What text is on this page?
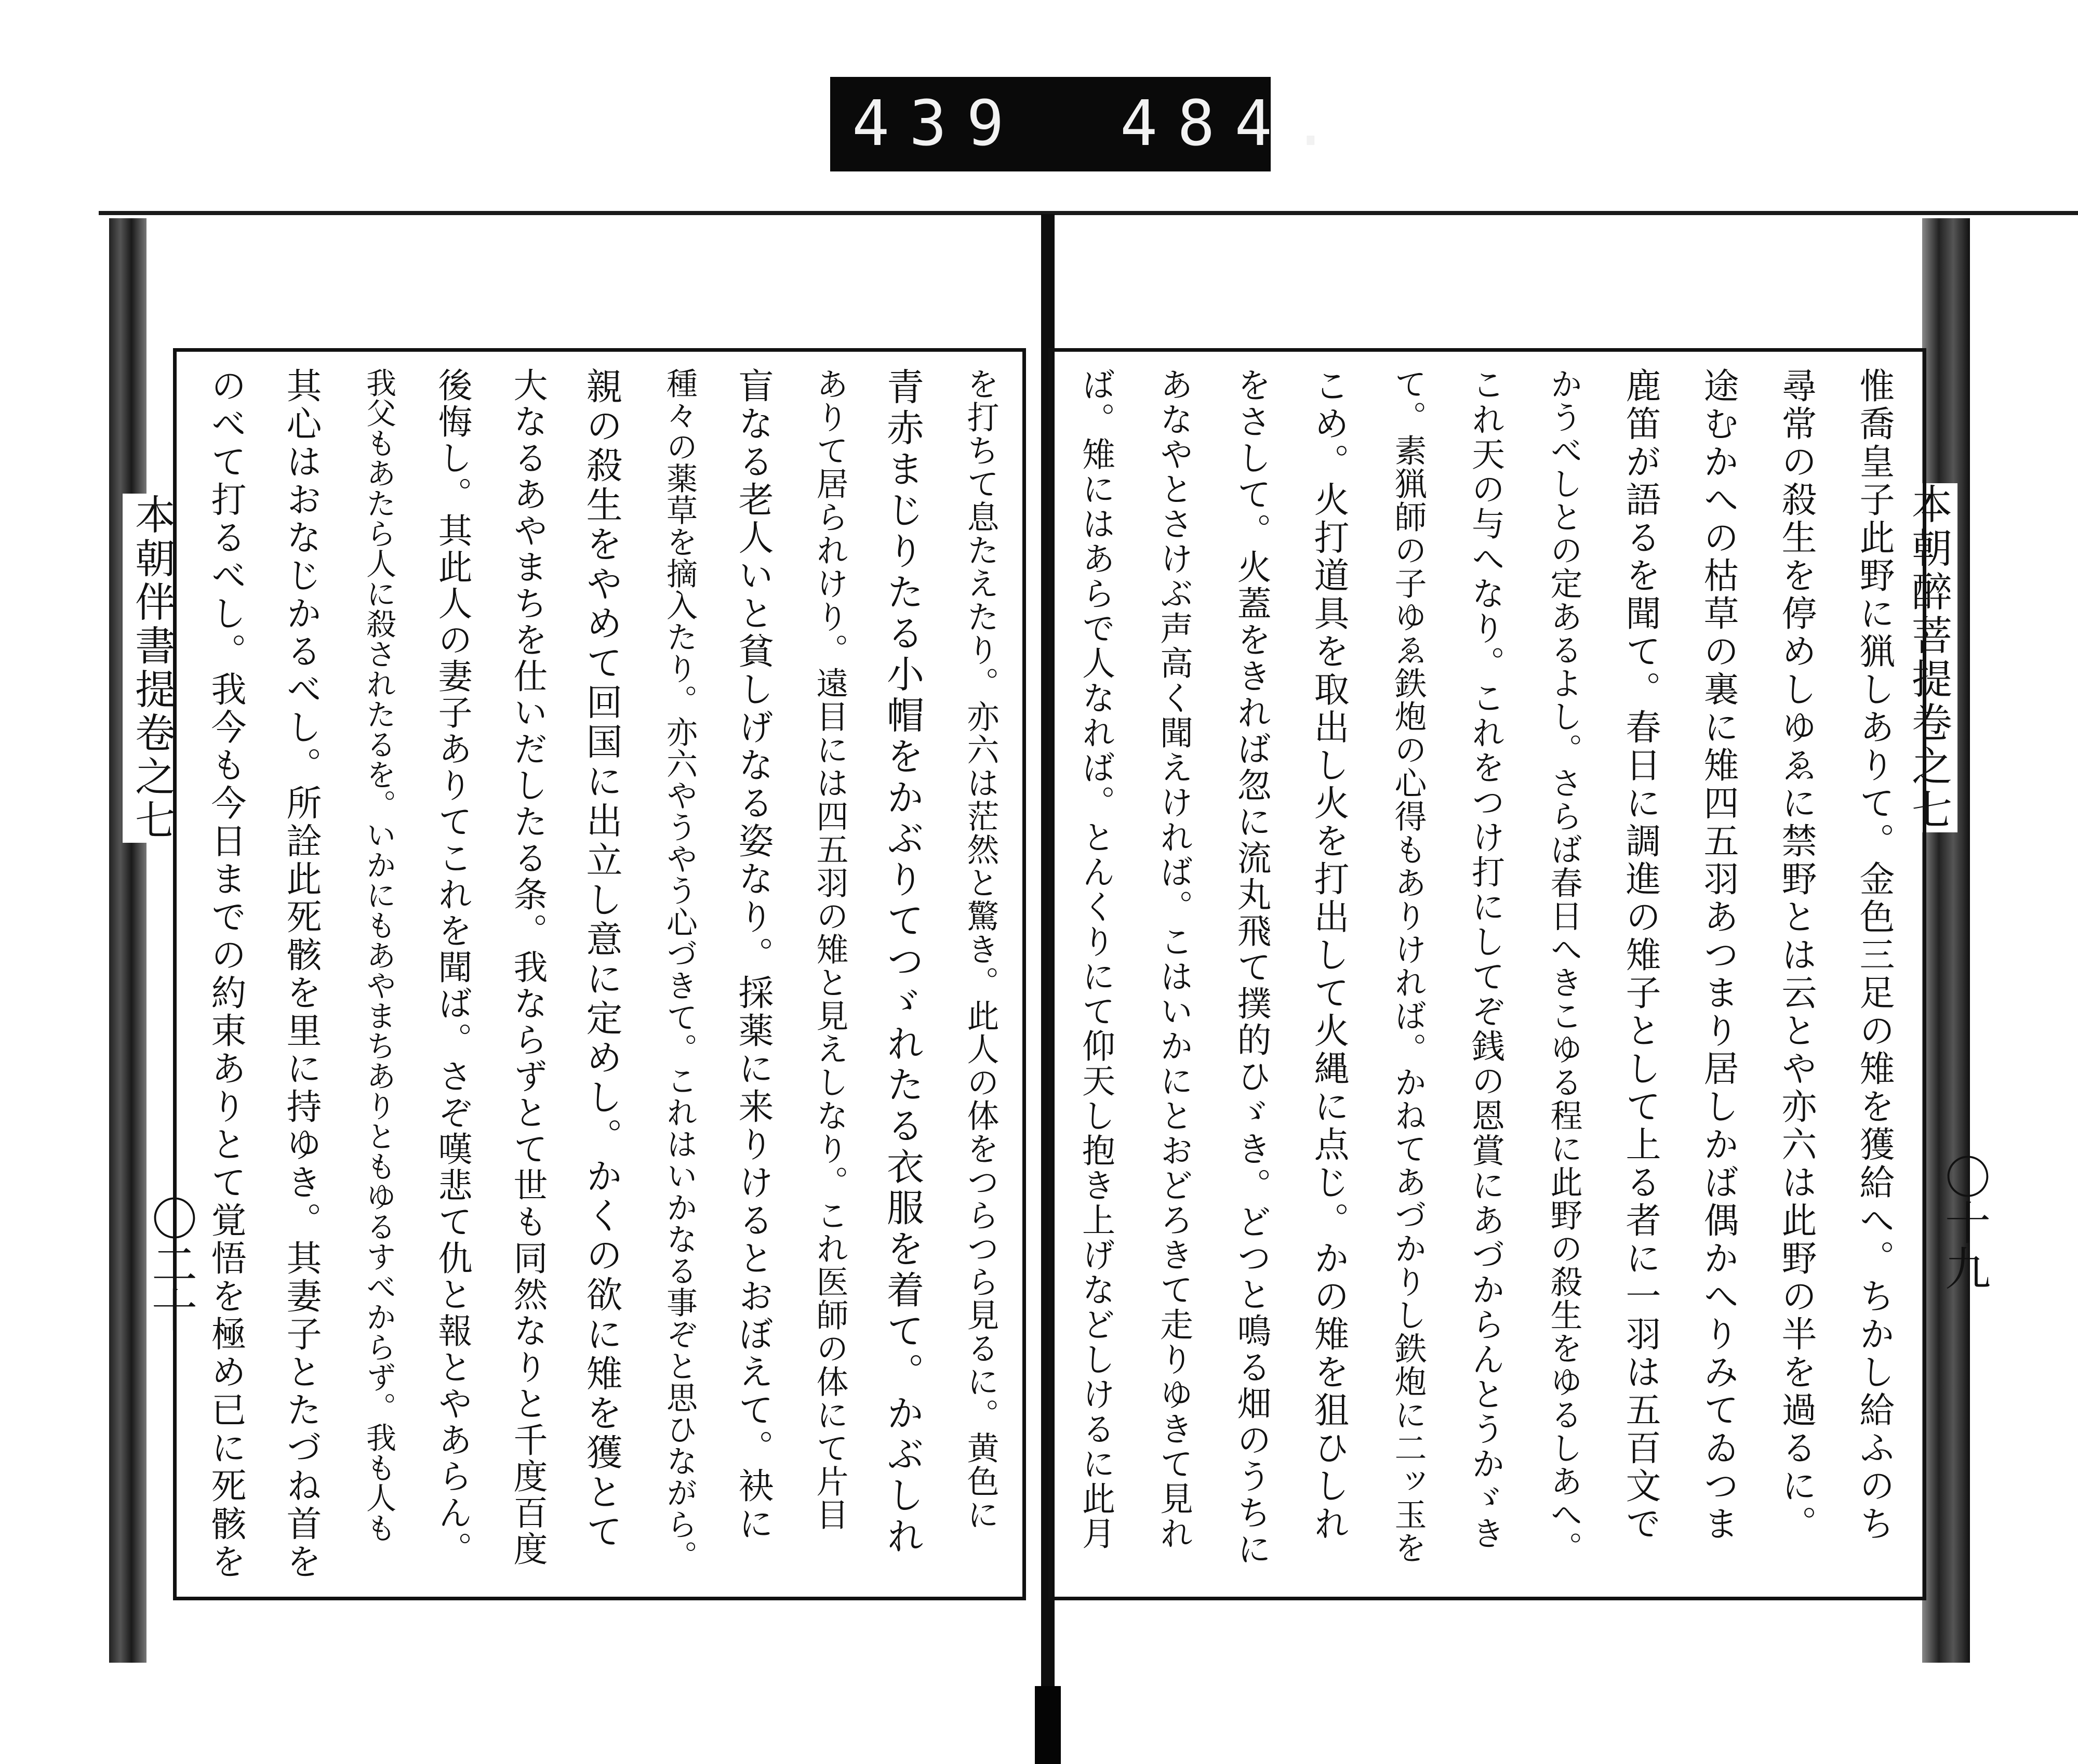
439 484.
本朝伴書提卷之七	本朝醉菩提卷之七
〇二十	〇十九
惟喬皇子此野に猟しありて。金色三足の雉を獲給へ。ちかし給ふのち
尋常の殺生を停めしゆゑに禁野とは云とや亦六は此野の半を過るに。
途むかへの枯草の裏に雉四五羽あつまり居しかば偶かへりみてゐつま
鹿笛が語るを聞て。春日に調進の雉子として上る者に一羽は五百文で
かうべしとの定あるよし。さらば春日へきこゆる程に此野の殺生をゆるしあへ。
これ天の与へなり。これをつけ打にしてぞ銭の恩賞にあづからんとうかゞき
て。素猟師の子ゆゑ鉄炮の心得もありければ。かねてあづかりし鉄炮に二ッ玉を
こめ。火打道具を取出し火を打出して火縄に点じ。かの雉を狙ひしれ
をさして。火蓋をきれば忽に流丸飛て撲的ひゞき。どつと鳴る畑のうちに
あなやとさけぶ声高く聞えければ。こはいかにとおどろきて走りゆきて見れ
ば。雉にはあらで人なれば。とんくりにて仰天し抱き上げなどしけるに此月
を打ちて息たえたり。亦六は茫然と驚き。此人の体をつらつら見るに。黄色に
青赤まじりたる小帽をかぶりてつゞれたる衣服を着て。かぶしれ
ありて居られけり。遠目には四五羽の雉と見えしなり。これ医師の体にて片目
盲なる老人いと貧しげなる姿なり。採薬に来りけるとおぼえて。袂に
種々の薬草を摘入たり。亦六やうやう心づきて。これはいかなる事ぞと思ひながら。
親の殺生をやめて回国に出立し意に定めし。かくの欲に雉を獲とて
大なるあやまちを仕いだしたる条。我ならずとて世も同然なりと千度百度
後悔し。其此人の妻子ありてこれを聞ば。さぞ嘆悲て仇と報とやあらん。
我父もあたら人に殺されたるを。いかにもあやまちありともゆるすべからず。我も人も
其心はおなじかるべし。所詮此死骸を里に持ゆき。其妻子とたづね首を
のべて打るべし。我今も今日までの約束ありとて覚悟を極め已に死骸を
